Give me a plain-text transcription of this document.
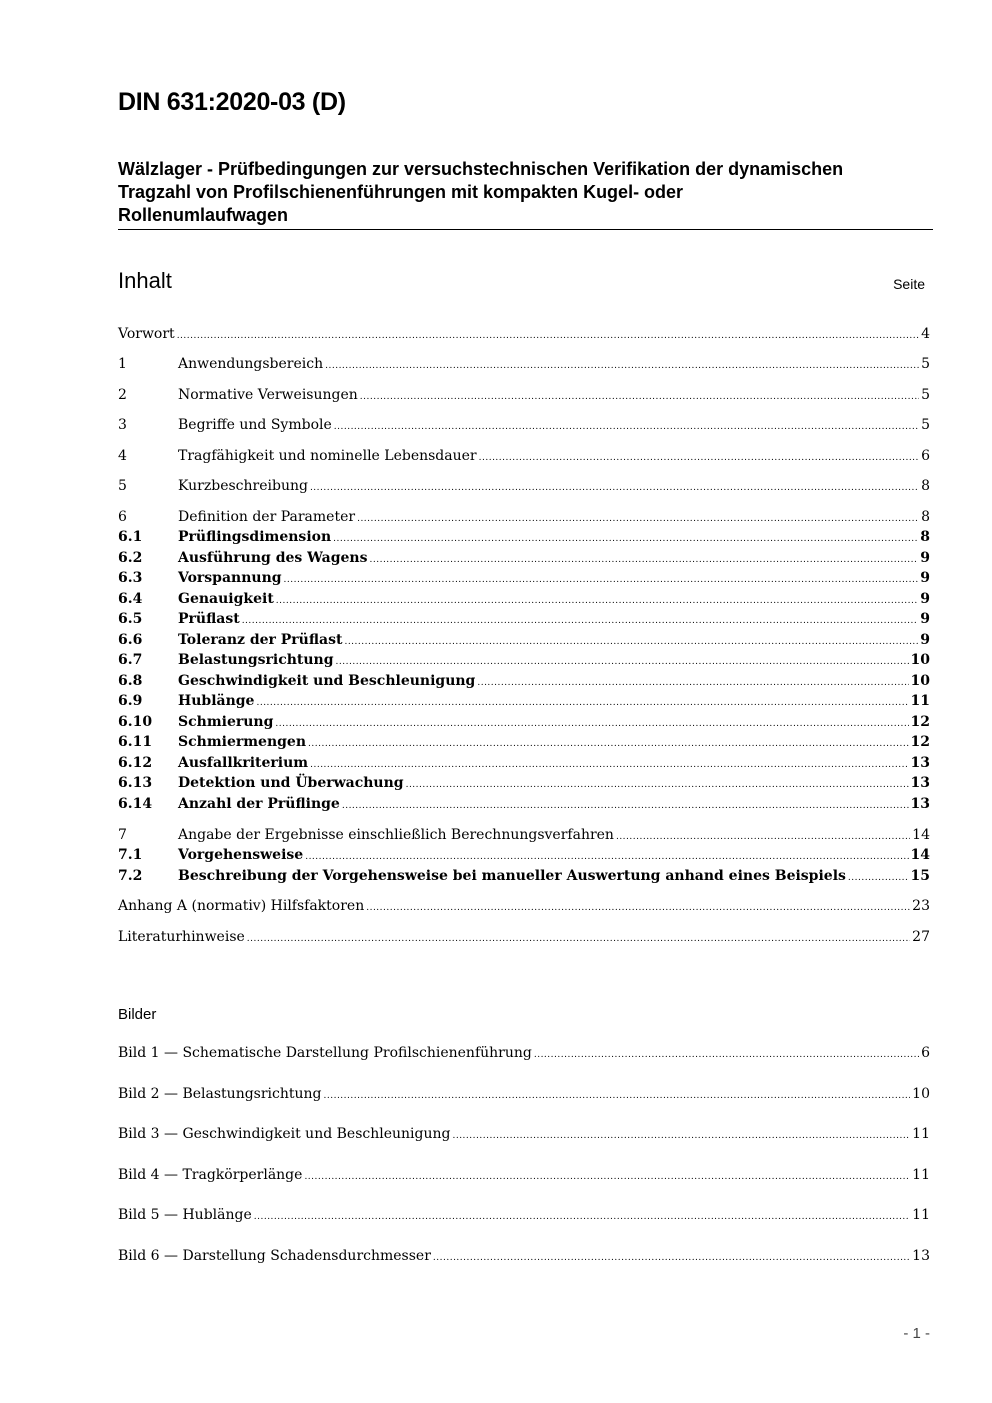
DIN 631:2020-03 (D)
Wälzlager - Prüfbedingungen zur versuchstechnischen Verifikation der dynamischen
Tragzahl von Profilschienenführungen mit kompakten Kugel- oder
Rollenumlaufwagen
Inhalt	Seite
Vorwort .....	4
1	Anwendungsbereich .....	5
2	Normative Verweisungen .....	5
3	Begriffe und Symbole .....	5
4	Tragfähigkeit und nominelle Lebensdauer .....	6
5	Kurzbeschreibung .....	8
6	Definition der Parameter .....	8
6.1	Prüflingsdimension .....	8
6.2	Ausführung des Wagens .....	9
6.3	Vorspannung .....	9
6.4	Genauigkeit .....	9
6.5	Prüflast .....	9
6.6	Toleranz der Prüflast .....	9
6.7	Belastungsrichtung .....	10
6.8	Geschwindigkeit und Beschleunigung .....	10
6.9	Hublänge .....	11
6.10	Schmierung .....	12
6.11	Schmiermengen .....	12
6.12	Ausfallkriterium .....	13
6.13	Detektion und Überwachung .....	13
6.14	Anzahl der Prüflinge .....	13
7	Angabe der Ergebnisse einschließlich Berechnungsverfahren .....	14
7.1	Vorgehensweise .....	14
7.2	Beschreibung der Vorgehensweise bei manueller Auswertung anhand eines Beispiels .....	15
Anhang A (normativ) Hilfsfaktoren .....	23
Literaturhinweise .....	27
Bilder
Bild 1 — Schematische Darstellung Profilschienenführung .....	6
Bild 2 — Belastungsrichtung .....	10
Bild 3 — Geschwindigkeit und Beschleunigung .....	11
Bild 4 — Tragkörperlänge .....	11
Bild 5 — Hublänge .....	11
Bild 6 — Darstellung Schadensdurchmesser .....	13
- 1 -
